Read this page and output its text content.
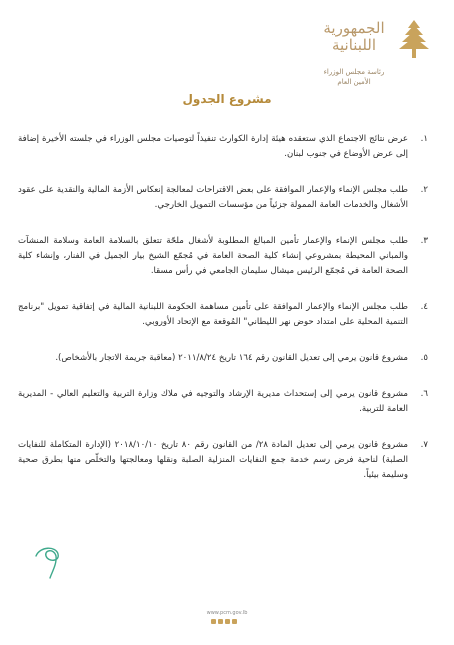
الجمهورية اللبنانية
رئاسة مجلس الوزراء
الأمين العام
مشروع الجدول
١.
عرض نتائج الاجتماع الذي ستعقده هيئة إدارة الكوارث تنفيذاً لتوصيات مجلس الوزراء في جلسته الأخيرة إضافة إلى عرض الأوضاع في جنوب لبنان.
٢.
طلب مجلس الإنماء والإعمار الموافقة على بعض الاقتراحات لمعالجة إنعكاس الأزمة المالية والنقدية على عقود الأشغال والخدمات العامة الممولة جزئياً من مؤسسات التمويل الخارجي.
٣.
طلب مجلس الإنماء والإعمار تأمين المبالغ المطلوبة لأشغال ملحّة تتعلق بالسلامة العامة وسلامة المنشآت والمباني المحيطة بمشروعي إنشاء كلية الصحة العامة في مُجمّع الشيخ بيار الجميل في الفنار، وإنشاء كلية الصحة العامة في مُجمّع الرئيس ميشال سليمان الجامعي في رأس مسقا.
٤.
طلب مجلس الإنماء والإعمار الموافقة على تأمين مساهمة الحكومة اللبنانية المالية في إتفاقية تمويل "برنامج التنمية المحلية على امتداد حوض نهر الليطاني" المُوقعة مع الإتحاد الأوروبي.
٥.
مشروع قانون يرمي إلى تعديل القانون رقم ١٦٤ تاريخ ٢٠١١/٨/٢٤ (معاقبة جريمة الاتجار بالأشخاص).
٦.
مشروع قانون يرمي إلى إستحداث مديرية الإرشاد والتوجيه في ملاك وزارة التربية والتعليم العالي - المديرية العامة للتربية.
٧.
مشروع قانون يرمي إلى تعديل المادة ٢٨/ من القانون رقم ٨٠ تاريخ ٢٠١٨/١٠/١٠ (الإدارة المتكاملة للنفايات الصلبة) لناحية فرض رسم خدمة جمع النفايات المنزلية الصلبة ونقلها ومعالجتها والتخلّص منها بطرق صحية وسليمة بيئياً.
www.pcm.gov.lb
